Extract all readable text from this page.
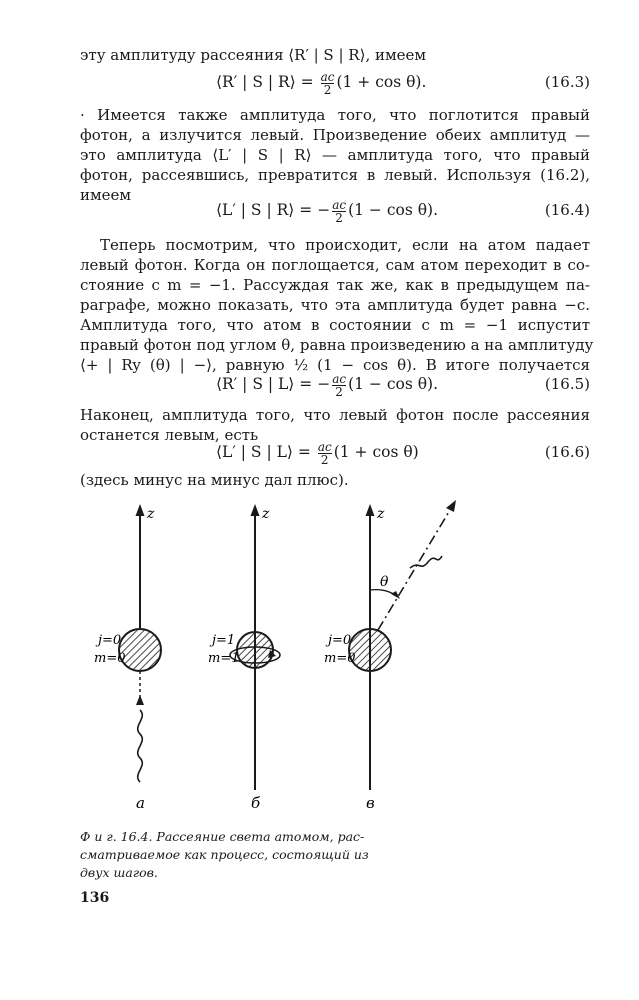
эту амплитуду рассеяния ⟨R′ | S | R⟩, имеем
⟨R′ | S | R⟩ = $\frac{ac}{2} (1 + \cos \theta)$.	(16.3)
· Имеется также амплитуда того, что поглотится правый
фотон, а излучится левый. Произведение обеих амплитуд —
это амплитуда ⟨L′ | S | R⟩ — амплитуда того, что правый
фотон, рассеявшись, превратится в левый. Используя (16.2),
имеем
⟨L′ | S | R⟩ = − $\frac{ac}{2} (1 - \cos \theta)$.	(16.4)
Теперь посмотрим, что происходит, если на атом падает
левый фотон. Когда он поглощается, сам атом переходит в со-
стояние с m = −1. Рассуждая так же, как в предыдущем па-
раграфе, можно показать, что эта амплитуда будет равна −c.
Амплитуда того, что атом в состоянии с m = −1 испустит
правый фотон под углом θ, равна произведению a на амплитуду
⟨+ | Ry (θ) | −⟩, равную ½ (1 − cos θ). В итоге получается
⟨R′ | S | L⟩ = − $\frac{ac}{2} (1 - \cos \theta)$.	(16.5)
Наконец, амплитуда того, что левый фотон после рассеяния
останется левым, есть
⟨L′ | S | L⟩ = $\frac{ac}{2} (1 + \cos \theta)$	(16.6)
(здесь минус на минус дал плюс).
z
j=0
m=0
а
z
j=1
m=1
б
z
θ
j=0
m=0
в
Ф и г. 16.4. Рассеяние света атомом, рас-
сматриваемое как процесс, состоящий из
двух шагов.
136
